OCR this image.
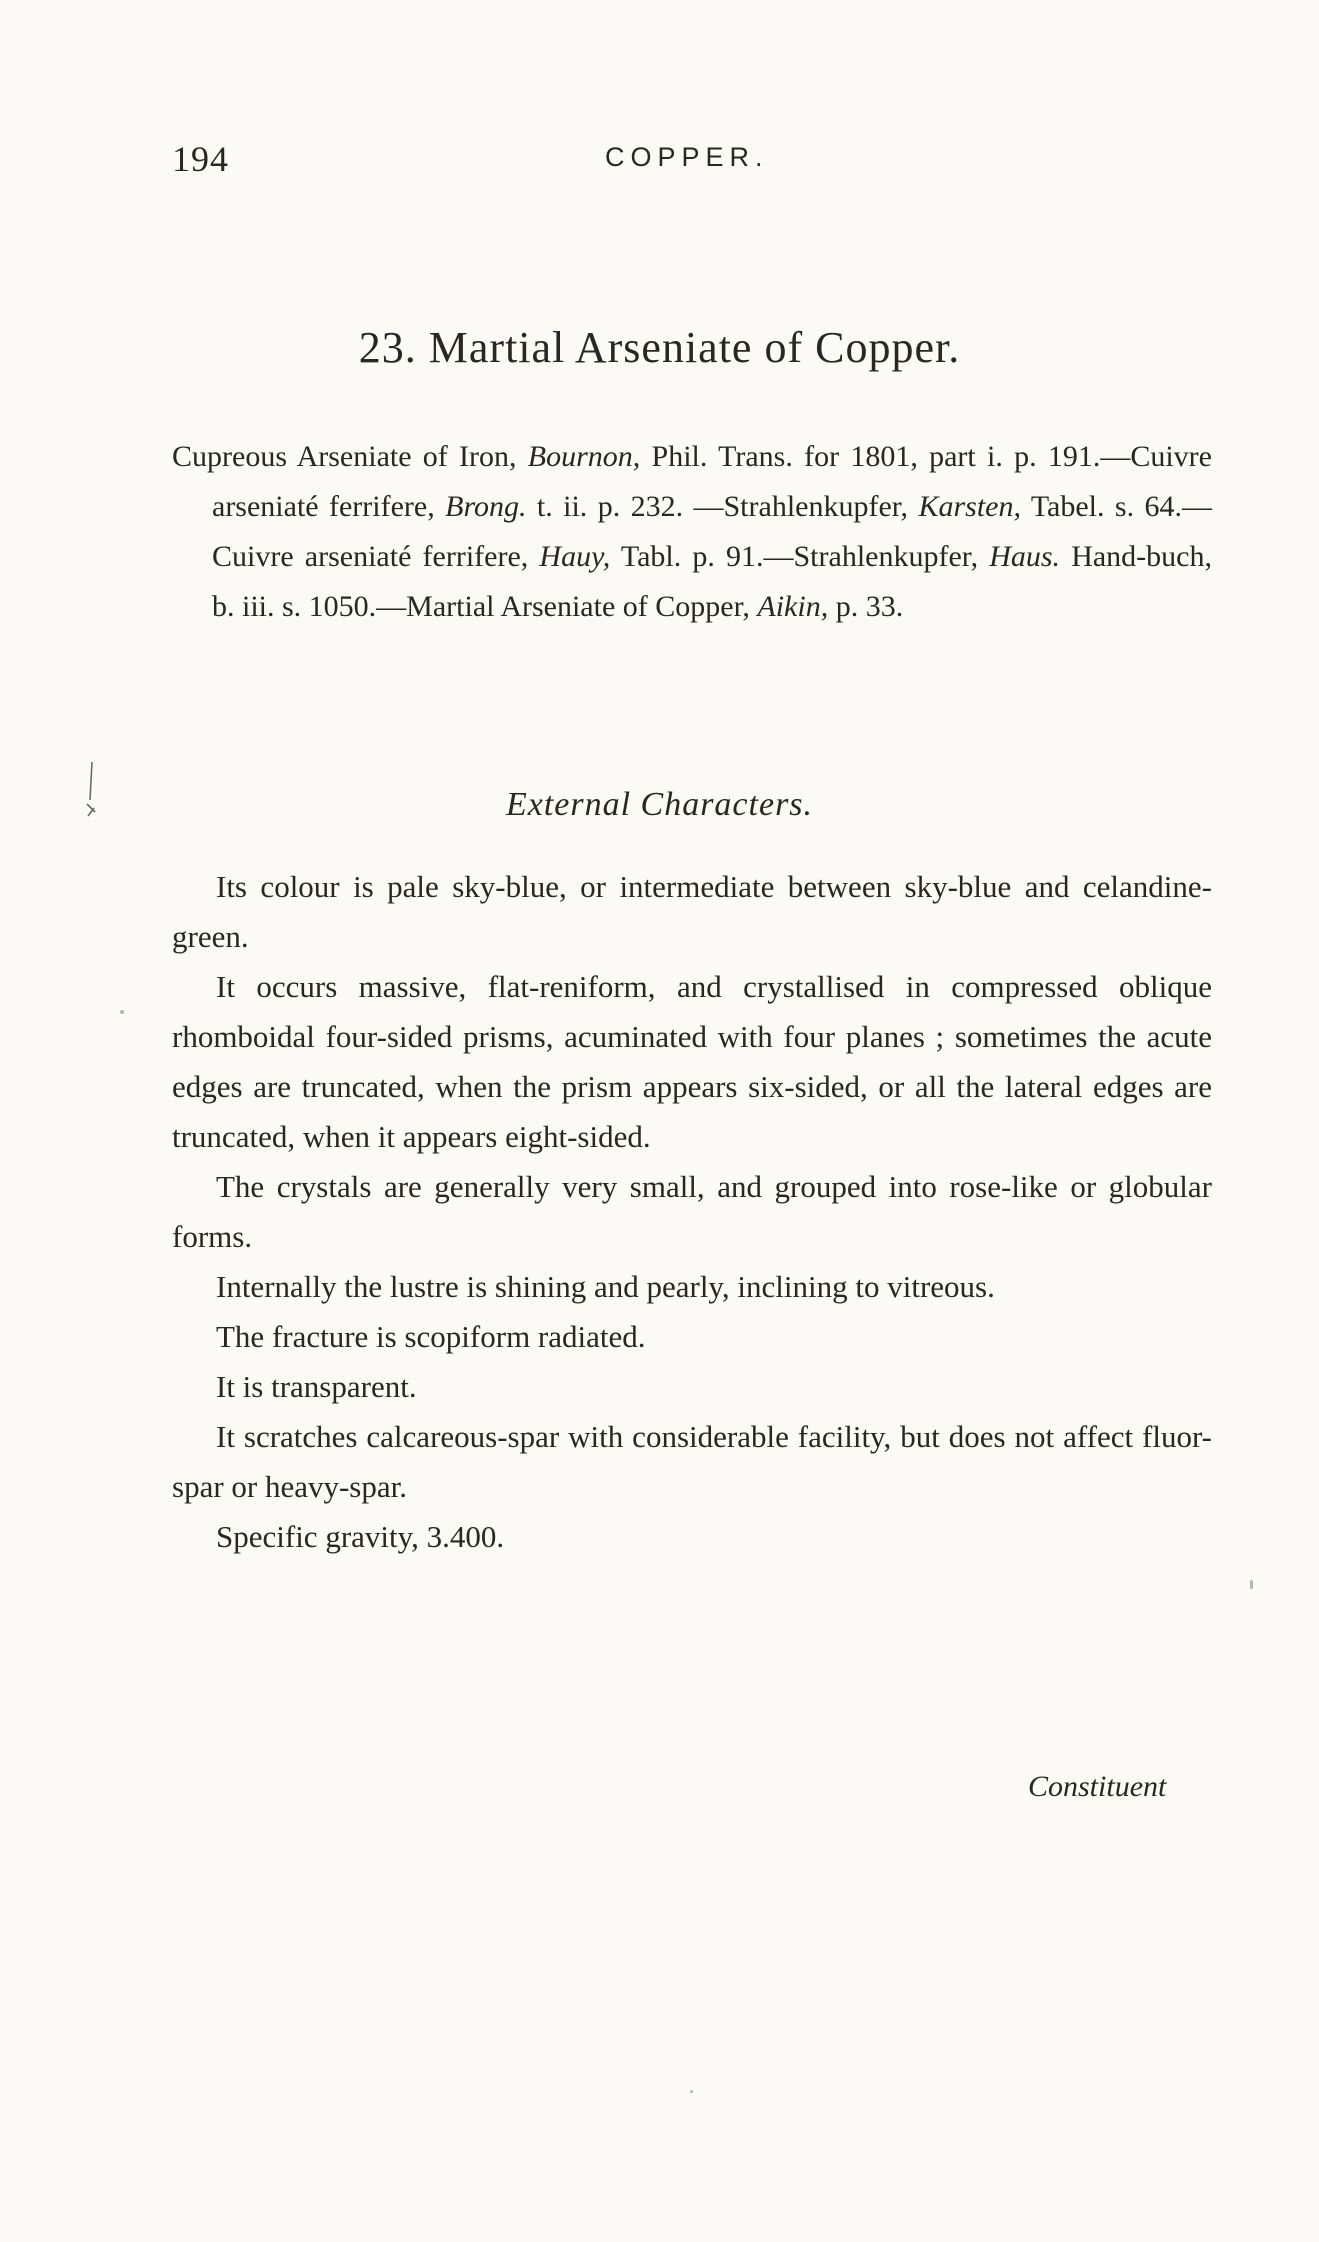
194	COPPER.
23. Martial Arseniate of Copper.

Cupreous Arseniate of Iron, Bournon, Phil. Trans. for 1801, part i. p. 191.—Cuivre arseniaté ferrifere, Brong. t. ii. p. 232. —Strahlenkupfer, Karsten, Tabel. s. 64.—Cuivre arseniaté ferrifere, Hauy, Tabl. p. 91.—Strahlenkupfer, Haus. Hand-buch, b. iii. s. 1050.—Martial Arseniate of Copper, Aikin, p. 33.

External Characters.

Its colour is pale sky-blue, or intermediate between sky-blue and celandine-green.

It occurs massive, flat-reniform, and crystallised in compressed oblique rhomboidal four-sided prisms, acuminated with four planes ; sometimes the acute edges are truncated, when the prism appears six-sided, or all the lateral edges are truncated, when it appears eight-sided.

The crystals are generally very small, and grouped into rose-like or globular forms.

Internally the lustre is shining and pearly, inclining to vitreous.

The fracture is scopiform radiated.

It is transparent.

It scratches calcareous-spar with considerable facility, but does not affect fluor-spar or heavy-spar.

Specific gravity, 3.400.

Constituent
